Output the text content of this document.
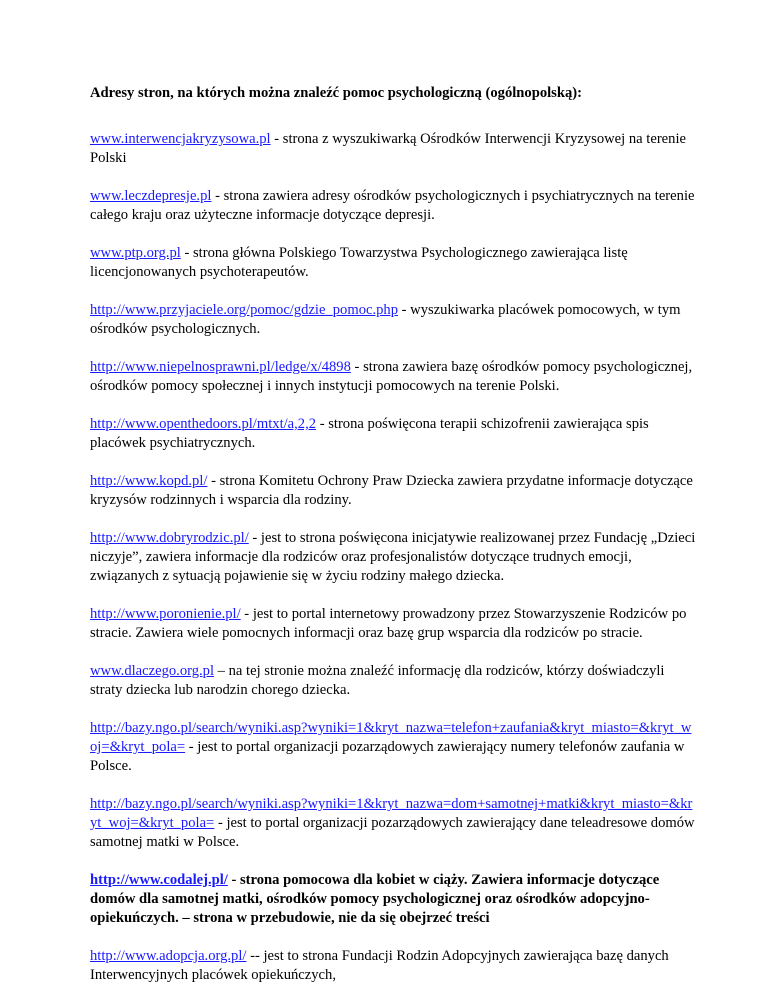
Adresy stron, na których można znaleźć pomoc psychologiczną (ogólnopolską):

www.interwencjakryzysowa.pl - strona z wyszukiwarką Ośrodków Interwencji Kryzysowej na terenie Polski

www.leczdepresje.pl - strona zawiera adresy ośrodków psychologicznych i psychiatrycznych na terenie całego kraju oraz użyteczne informacje dotyczące depresji.

www.ptp.org.pl - strona główna Polskiego Towarzystwa Psychologicznego zawierająca listę licencjonowanych psychoterapeutów.

http://www.przyjaciele.org/pomoc/gdzie_pomoc.php - wyszukiwarka placówek pomocowych, w tym ośrodków psychologicznych.

http://www.niepelnosprawni.pl/ledge/x/4898 - strona zawiera bazę ośrodków pomocy psychologicznej, ośrodków pomocy społecznej i innych instytucji pomocowych na terenie Polski.

http://www.openthedoors.pl/mtxt/a,2,2 - strona poświęcona terapii schizofrenii zawierająca spis placówek psychiatrycznych.

http://www.kopd.pl/ - strona Komitetu Ochrony Praw Dziecka zawiera przydatne informacje dotyczące kryzysów rodzinnych i wsparcia dla rodziny.

http://www.dobryrodzic.pl/ - jest to strona poświęcona inicjatywie realizowanej przez Fundację „Dzieci niczyje”, zawiera informacje dla rodziców oraz profesjonalistów dotyczące trudnych emocji, związanych z sytuacją pojawienie się w życiu rodziny małego dziecka.

http://www.poronienie.pl/ - jest to portal internetowy prowadzony przez Stowarzyszenie Rodziców po stracie. Zawiera wiele pomocnych informacji oraz bazę grup wsparcia dla rodziców po stracie.

www.dlaczego.org.pl – na tej stronie można znaleźć informację dla rodziców, którzy doświadczyli straty dziecka lub narodzin chorego dziecka.

http://bazy.ngo.pl/search/wyniki.asp?wyniki=1&kryt_nazwa=telefon+zaufania&kryt_miasto=&kryt_woj=&kryt_pola= - jest to portal organizacji pozarządowych zawierający numery telefonów zaufania w Polsce.

http://bazy.ngo.pl/search/wyniki.asp?wyniki=1&kryt_nazwa=dom+samotnej+matki&kryt_miasto=&kryt_woj=&kryt_pola= - jest to portal organizacji pozarządowych zawierający dane teleadresowe domów samotnej matki w Polsce.

http://www.codalej.pl/ - strona pomocowa dla kobiet w ciąży. Zawiera informacje dotyczące domów dla samotnej matki, ośrodków pomocy psychologicznej oraz ośrodków adopcyjno-opiekuńczych. – strona w przebudowie, nie da się obejrzeć treści

http://www.adopcja.org.pl/ -- jest to strona Fundacji Rodzin Adopcyjnych zawierająca bazę danych Interwencyjnych placówek opiekuńczych,
